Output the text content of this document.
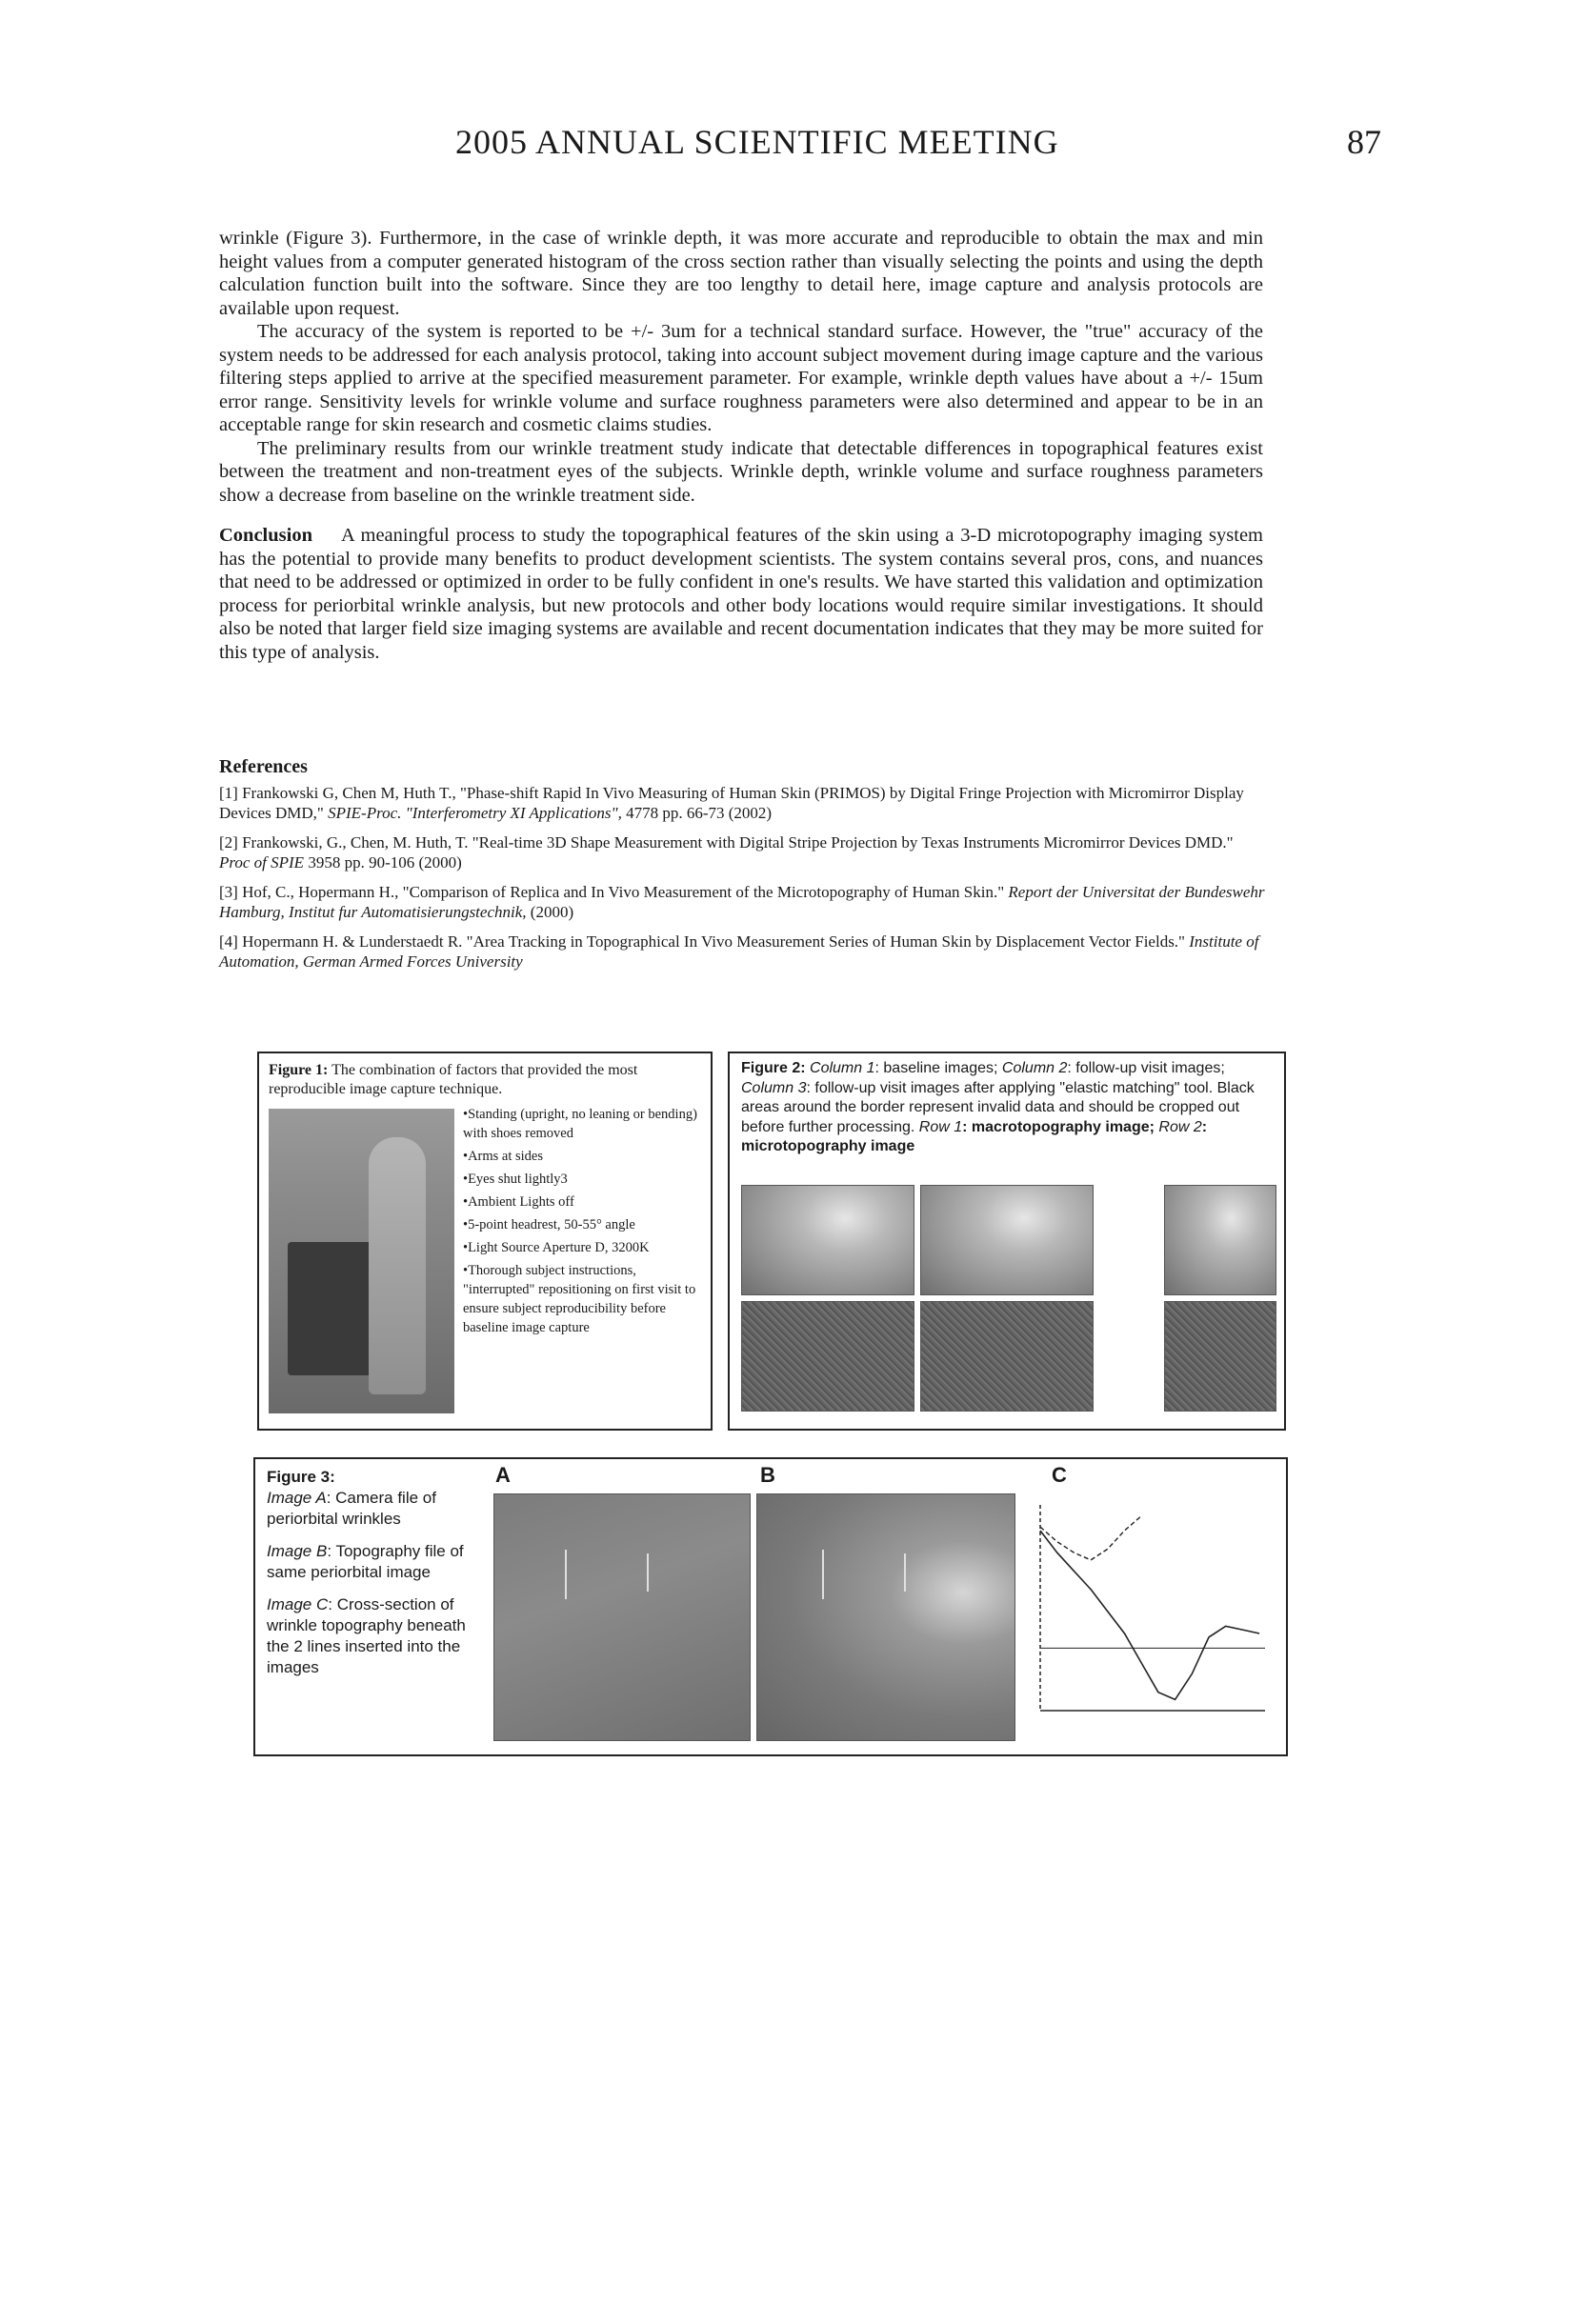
2005 ANNUAL SCIENTIFIC MEETING	87

wrinkle (Figure 3). Furthermore, in the case of wrinkle depth, it was more accurate and reproducible to obtain the max and min height values from a computer generated histogram of the cross section rather than visually selecting the points and using the depth calculation function built into the software. Since they are too lengthy to detail here, image capture and analysis protocols are available upon request.

The accuracy of the system is reported to be +/- 3um for a technical standard surface. However, the "true" accuracy of the system needs to be addressed for each analysis protocol, taking into account subject movement during image capture and the various filtering steps applied to arrive at the specified measurement parameter. For example, wrinkle depth values have about a +/- 15um error range. Sensitivity levels for wrinkle volume and surface roughness parameters were also determined and appear to be in an acceptable range for skin research and cosmetic claims studies.

The preliminary results from our wrinkle treatment study indicate that detectable differences in topographical features exist between the treatment and non-treatment eyes of the subjects. Wrinkle depth, wrinkle volume and surface roughness parameters show a decrease from baseline on the wrinkle treatment side.

Conclusion A meaningful process to study the topographical features of the skin using a 3-D microtopography imaging system has the potential to provide many benefits to product development scientists. The system contains several pros, cons, and nuances that need to be addressed or optimized in order to be fully confident in one's results. We have started this validation and optimization process for periorbital wrinkle analysis, but new protocols and other body locations would require similar investigations. It should also be noted that larger field size imaging systems are available and recent documentation indicates that they may be more suited for this type of analysis.

References

[1] Frankowski G, Chen M, Huth T., "Phase-shift Rapid In Vivo Measuring of Human Skin (PRIMOS) by Digital Fringe Projection with Micromirror Display Devices DMD," SPIE-Proc. "Interferometry XI Applications", 4778 pp. 66-73 (2002)

[2] Frankowski, G., Chen, M. Huth, T. "Real-time 3D Shape Measurement with Digital Stripe Projection by Texas Instruments Micromirror Devices DMD." Proc of SPIE 3958 pp. 90-106 (2000)

[3] Hof, C., Hopermann H., "Comparison of Replica and In Vivo Measurement of the Microtopography of Human Skin." Report der Universitat der Bundeswehr Hamburg, Institut fur Automatisierungstechnik, (2000)

[4] Hopermann H. & Lunderstaedt R. "Area Tracking in Topographical In Vivo Measurement Series of Human Skin by Displacement Vector Fields." Institute of Automation, German Armed Forces University

Figure 1: The combination of factors that provided the most reproducible image capture technique.
•Standing (upright, no leaning or bending) with shoes removed
•Arms at sides
•Eyes shut lightly3
•Ambient Lights off
•5-point headrest, 50-55° angle
•Light Source Aperture D, 3200K
•Thorough subject instructions, "interrupted" repositioning on first visit to ensure subject reproducibility before baseline image capture
Figure 2: Column 1: baseline images; Column 2: follow-up visit images; Column 3: follow-up visit images after applying "elastic matching" tool. Black areas around the border represent invalid data and should be cropped out before further processing. Row 1: macrotopography image; Row 2: microtopography image

Figure 3:
Image A: Camera file of periorbital wrinkles

Image B: Topography file of same periorbital image

Image C: Cross-section of wrinkle topography beneath the 2 lines inserted into the images

A	B	C
